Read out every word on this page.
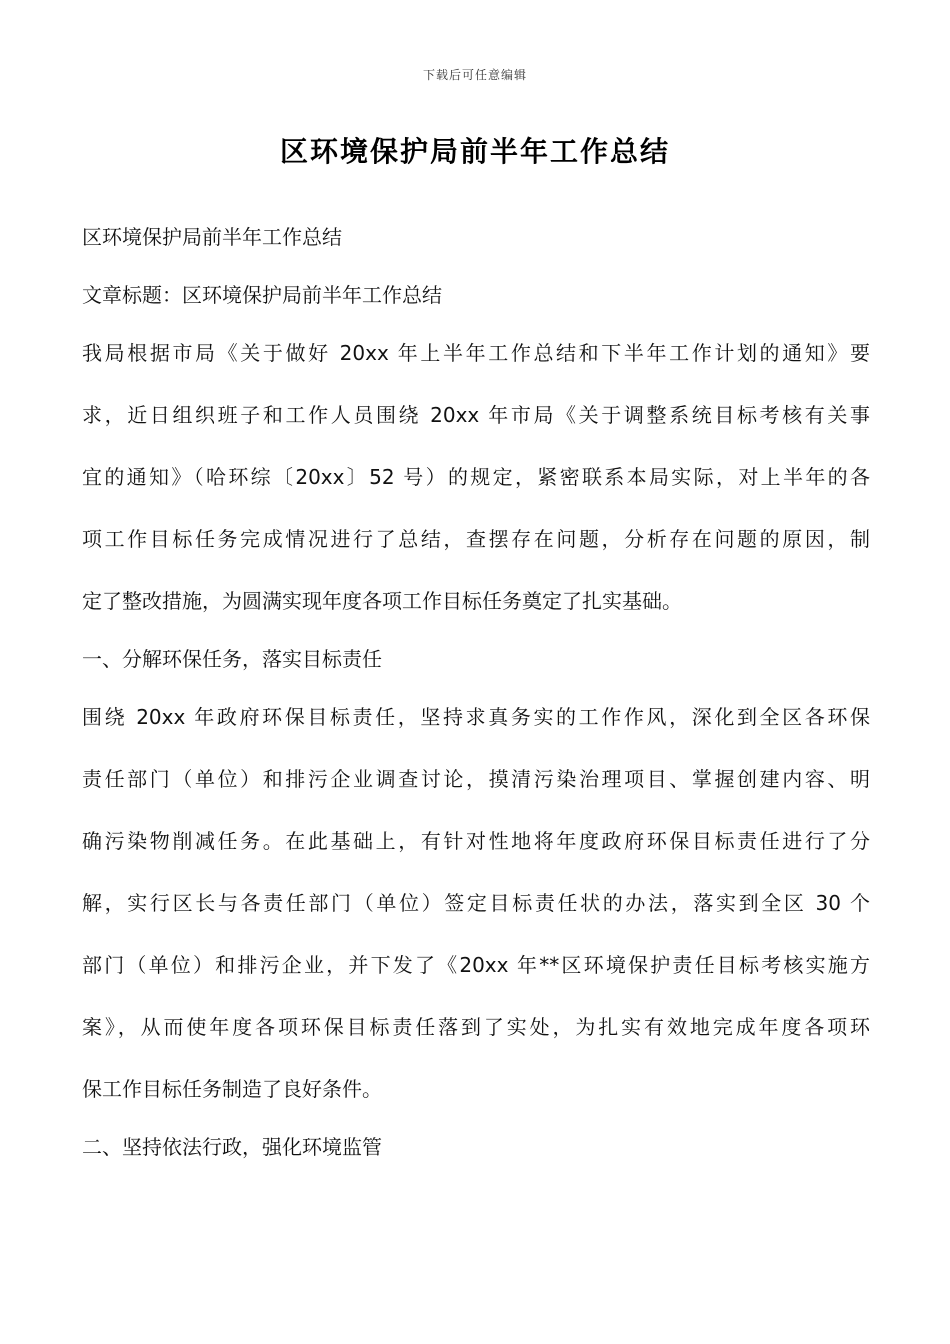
下载后可任意编辑
区环境保护局前半年工作总结
区环境保护局前半年工作总结
文章标题：区环境保护局前半年工作总结
我局根据市局《关于做好 20xx 年上半年工作总结和下半年工作计划的通知》要
求，近日组织班子和工作人员围绕 20xx 年市局《关于调整系统目标考核有关事
宜的通知》（哈环综〔20xx〕52 号）的规定，紧密联系本局实际，对上半年的各
项工作目标任务完成情况进行了总结，查摆存在问题，分析存在问题的原因，制
定了整改措施，为圆满实现年度各项工作目标任务奠定了扎实基础。
一、分解环保任务，落实目标责任
围绕 20xx 年政府环保目标责任，坚持求真务实的工作作风，深化到全区各环保
责任部门（单位）和排污企业调查讨论，摸清污染治理项目、掌握创建内容、明
确污染物削减任务。在此基础上，有针对性地将年度政府环保目标责任进行了分
解，实行区长与各责任部门（单位）签定目标责任状的办法，落实到全区 30 个
部门（单位）和排污企业，并下发了《20xx 年**区环境保护责任目标考核实施方
案》，从而使年度各项环保目标责任落到了实处，为扎实有效地完成年度各项环
保工作目标任务制造了良好条件。
二、坚持依法行政，强化环境监管
